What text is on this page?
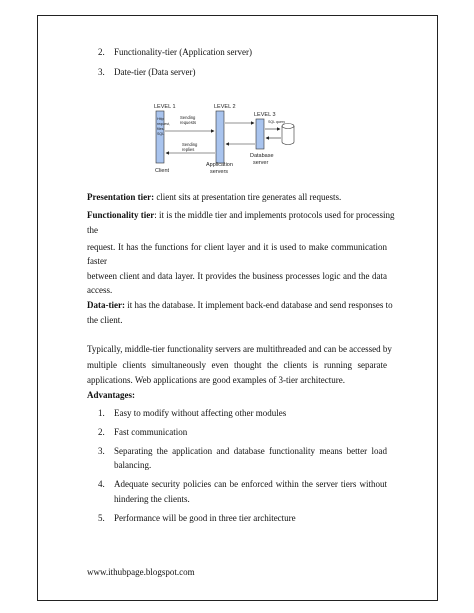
2. Functionality-tier (Application server)
3. Date-tier (Data server)
LEVEL 1	LEVEL 2
LEVEL 3
Http
request,
files,
SQL
Client
Application
servers
Database
server
Sending
requests
Sending
replies
SQL query
Presentation tier: client sits at presentation tire generates all requests.
Functionality tier: it is the middle tier and implements protocols used for processing
the
request. It has the functions for client layer and it is used to make communication
faster
between client and data layer. It provides the business processes logic and the data
access.
Data-tier: it has the database. It implement back-end database and send responses to
the client.
Typically, middle-tier functionality servers are multithreaded and can be accessed by
multiple clients simultaneously even thought the clients is running separate
applications. Web applications are good examples of 3-tier architecture.
Advantages:
1. Easy to modify without affecting other modules
2. Fast communication
3. Separating the application and database functionality means better load
balancing.
4. Adequate security policies can be enforced within the server tiers without
hindering the clients.
5. Performance will be good in three tier architecture
www.ithubpage.blogspot.com
